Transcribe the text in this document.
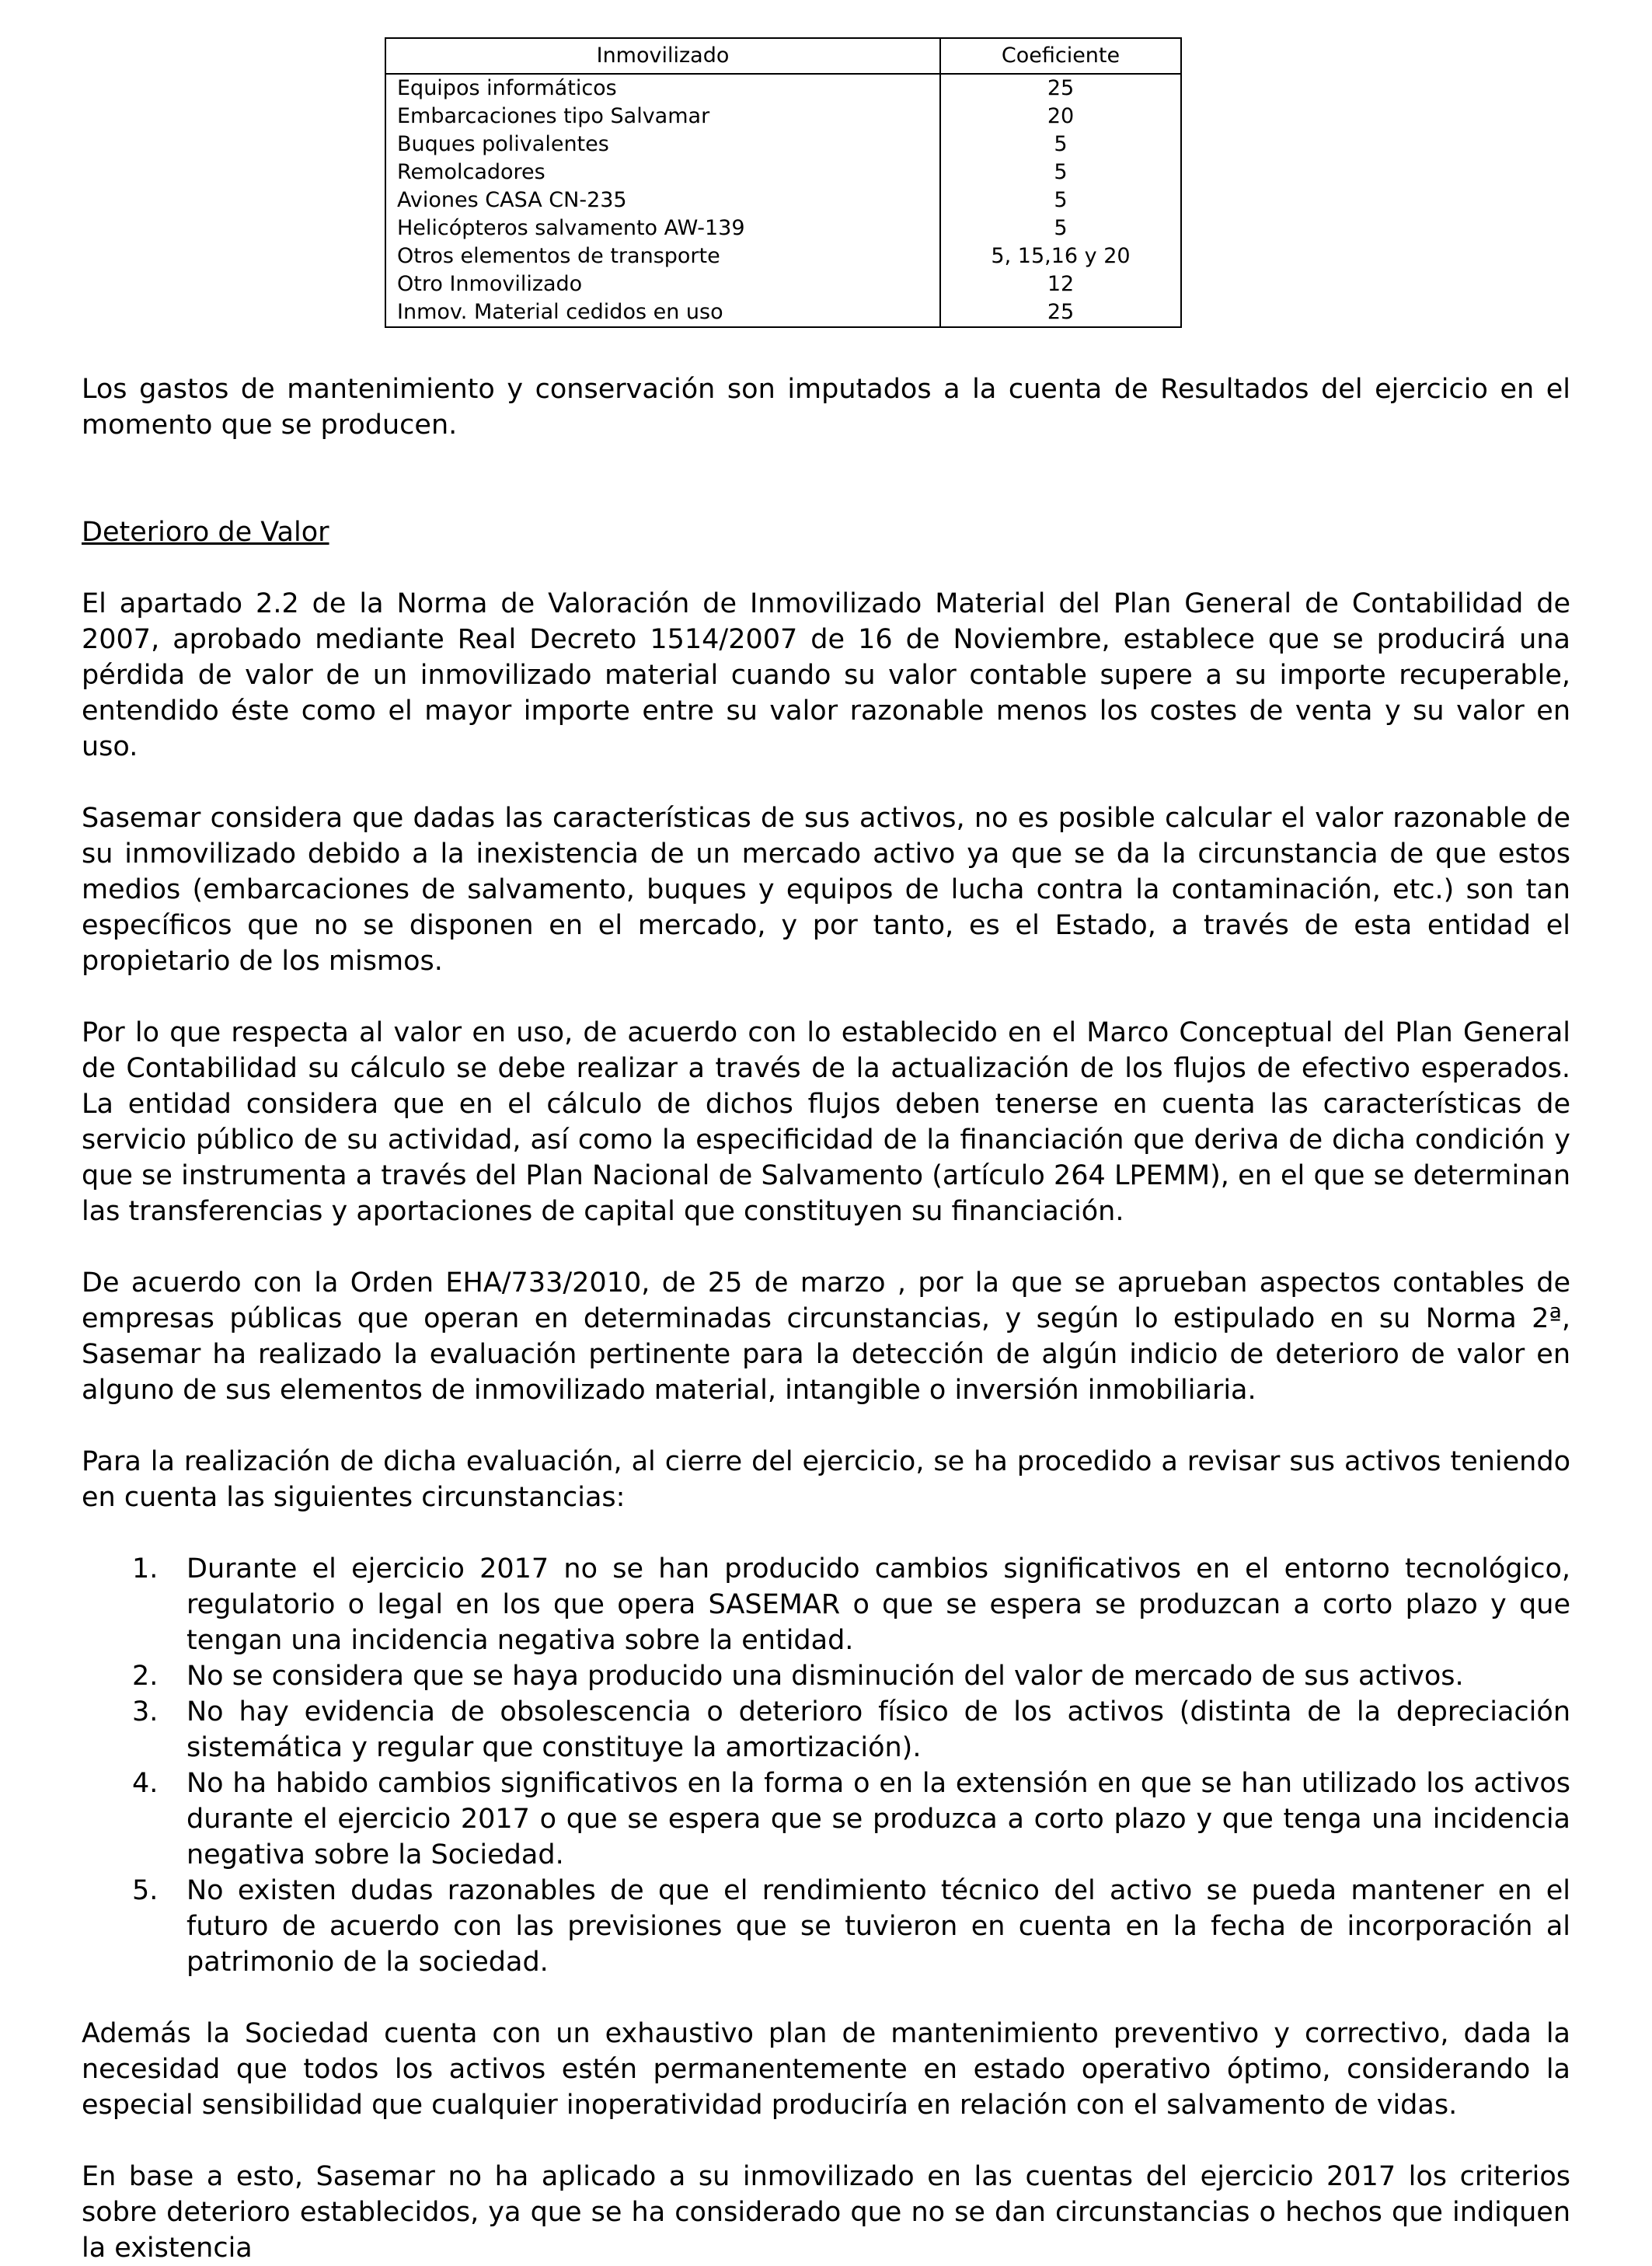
Inmovilizado	Coeficiente
Equipos informáticos	25
Embarcaciones tipo Salvamar	20
Buques polivalentes	5
Remolcadores	5
Aviones CASA CN-235	5
Helicópteros salvamento AW-139	5
Otros elementos de transporte	5, 15,16 y 20
Otro Inmovilizado	12
Inmov. Material cedidos en uso	25

Los gastos de mantenimiento y conservación son imputados a la cuenta de Resultados del ejercicio en el momento que se producen.

Deterioro de Valor

El apartado 2.2 de la Norma de Valoración de Inmovilizado Material del Plan General de Contabilidad de 2007, aprobado mediante Real Decreto 1514/2007 de 16 de Noviembre, establece que se producirá una pérdida de valor de un inmovilizado material cuando su valor contable supere a su importe recuperable, entendido éste como el mayor importe entre su valor razonable menos los costes de venta y su valor en uso.

Sasemar considera que dadas las características de sus activos, no es posible calcular el valor razonable de su inmovilizado debido a la inexistencia de un mercado activo ya que se da la circunstancia de que estos medios (embarcaciones de salvamento, buques y equipos de lucha contra la contaminación, etc.) son tan específicos que no se disponen en el mercado, y por tanto, es el Estado, a través de esta entidad el propietario de los mismos.

Por lo que respecta al valor en uso, de acuerdo con lo establecido en el Marco Conceptual del Plan General de Contabilidad su cálculo se debe realizar a través de la actualización de los flujos de efectivo esperados. La entidad considera que en el cálculo de dichos flujos deben tenerse en cuenta las características de servicio público de su actividad, así como la especificidad de la financiación que deriva de dicha condición y que se instrumenta a través del Plan Nacional de Salvamento (artículo 264 LPEMM), en el que se determinan las transferencias y aportaciones de capital que constituyen su financiación.

De acuerdo con la Orden EHA/733/2010, de 25 de marzo , por la que se aprueban aspectos contables de empresas públicas que operan en determinadas circunstancias, y según lo estipulado en su Norma 2ª, Sasemar ha realizado la evaluación pertinente para la detección de algún indicio de deterioro de valor en alguno de sus elementos de inmovilizado material, intangible o inversión inmobiliaria.

Para la realización de dicha evaluación, al cierre del ejercicio, se ha procedido a revisar sus activos teniendo en cuenta las siguientes circunstancias:

1. Durante el ejercicio 2017 no se han producido cambios significativos en el entorno tecnológico, regulatorio o legal en los que opera SASEMAR o que se espera se produzcan a corto plazo y que tengan una incidencia negativa sobre la entidad.
2. No se considera que se haya producido una disminución del valor de mercado de sus activos.
3. No hay evidencia de obsolescencia o deterioro físico de los activos (distinta de la depreciación sistemática y regular que constituye la amortización).
4. No ha habido cambios significativos en la forma o en la extensión en que se han utilizado los activos durante el ejercicio 2017 o que se espera que se produzca a corto plazo y que tenga una incidencia negativa sobre la Sociedad.
5. No existen dudas razonables de que el rendimiento técnico del activo se pueda mantener en el futuro de acuerdo con las previsiones que se tuvieron en cuenta en la fecha de incorporación al patrimonio de la sociedad.

Además la Sociedad cuenta con un exhaustivo plan de mantenimiento preventivo y correctivo, dada la necesidad que todos los activos estén permanentemente en estado operativo óptimo, considerando la especial sensibilidad que cualquier inoperatividad produciría en relación con el salvamento de vidas.

En base a esto, Sasemar no ha aplicado a su inmovilizado en las cuentas del ejercicio 2017 los criterios sobre deterioro establecidos, ya que se ha considerado que no se dan circunstancias o hechos que indiquen la existencia
